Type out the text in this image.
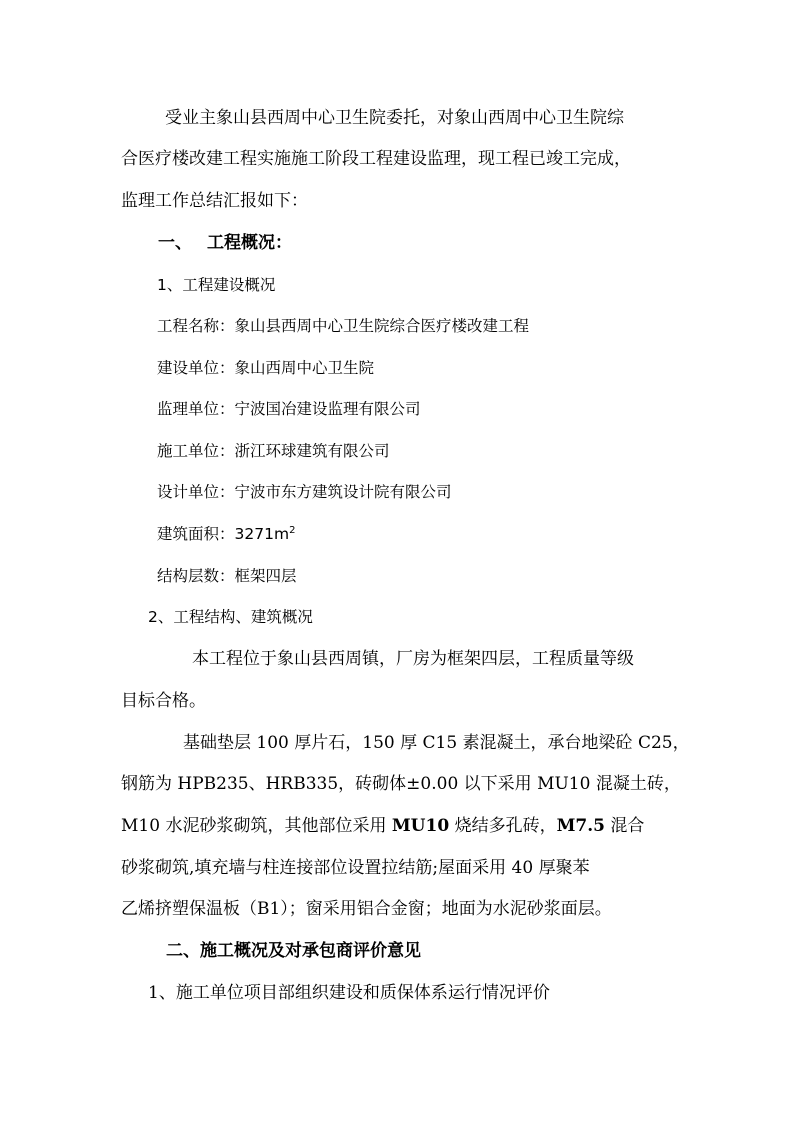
受业主象山县西周中心卫生院委托，对象山西周中心卫生院综
合医疗楼改建工程实施施工阶段工程建设监理，现工程已竣工完成，
监理工作总结汇报如下：
一、 工程概况：
1、工程建设概况
工程名称：象山县西周中心卫生院综合医疗楼改建工程
建设单位：象山西周中心卫生院
监理单位：宁波国冶建设监理有限公司
施工单位：浙江环球建筑有限公司
设计单位：宁波市东方建筑设计院有限公司
建筑面积：$3271m^2$
结构层数：框架四层
2、工程结构、建筑概况
本工程位于象山县西周镇，厂房为框架四层，工程质量等级
目标合格。
基础垫层 100 厚片石，150 厚 C15 素混凝土，承台地梁砼 C25，
钢筋为 HPB235、HRB335，砖砌体±0.00 以下采用 MU10 混凝土砖，
M10 水泥砂浆砌筑，其他部位采用 MU10 烧结多孔砖，M7.5 混合
砂浆砌筑,填充墙与柱连接部位设置拉结筋;屋面采用 40 厚聚苯
乙烯挤塑保温板（B1）；窗采用铝合金窗；地面为水泥砂浆面层。
二、施工概况及对承包商评价意见
1、施工单位项目部组织建设和质保体系运行情况评价
